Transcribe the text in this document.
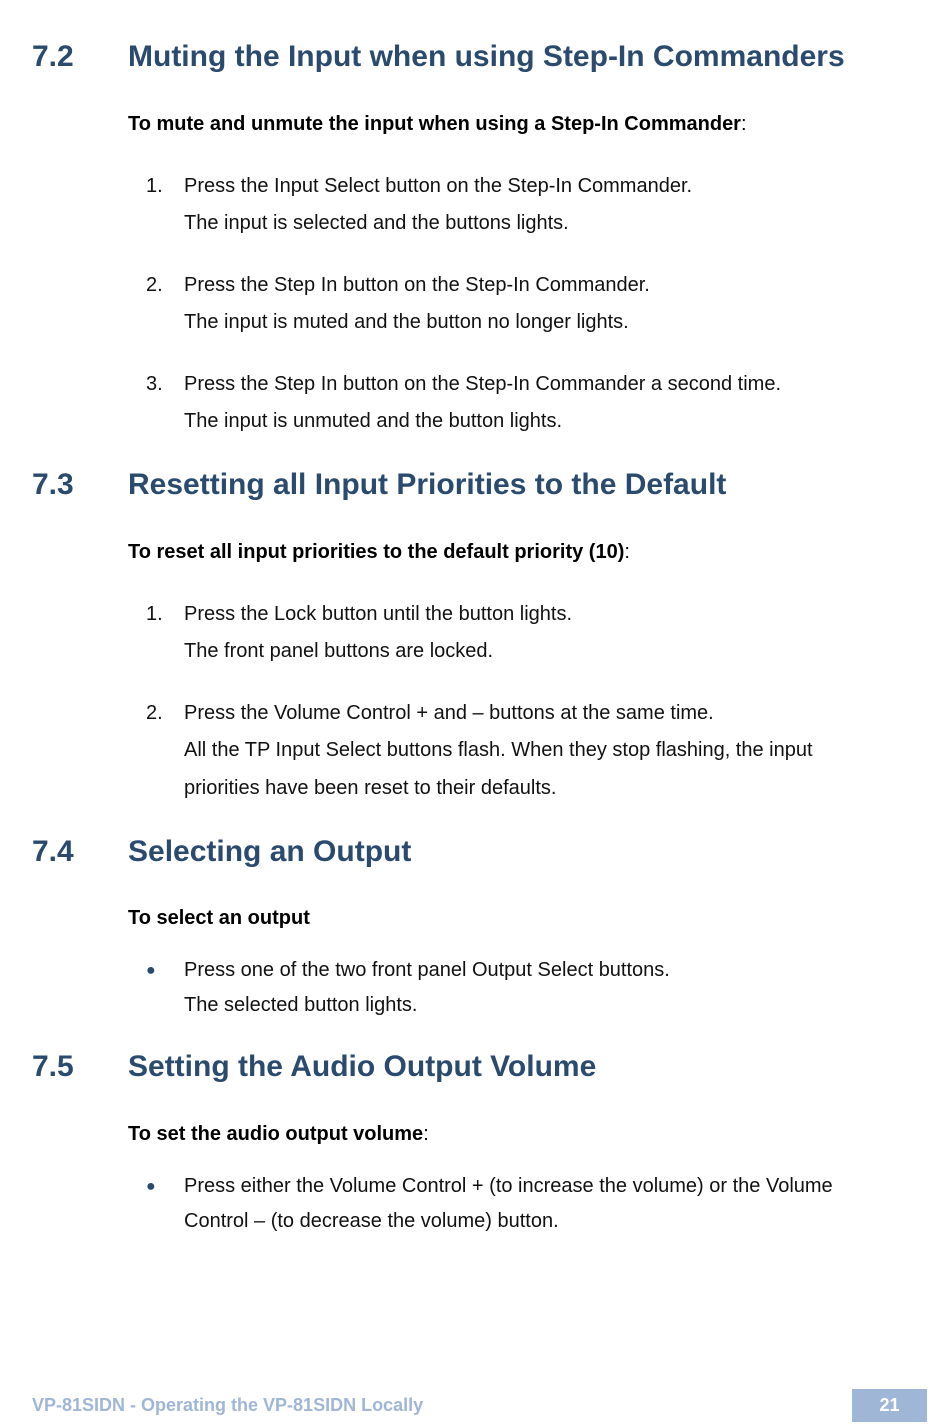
7.2 Muting the Input when using Step-In Commanders
To mute and unmute the input when using a Step-In Commander:
1. Press the Input Select button on the Step-In Commander.
The input is selected and the buttons lights.
2. Press the Step In button on the Step-In Commander.
The input is muted and the button no longer lights.
3. Press the Step In button on the Step-In Commander a second time.
The input is unmuted and the button lights.
7.3 Resetting all Input Priorities to the Default
To reset all input priorities to the default priority (10):
1. Press the Lock button until the button lights.
The front panel buttons are locked.
2. Press the Volume Control + and – buttons at the same time.
All the TP Input Select buttons flash. When they stop flashing, the input
priorities have been reset to their defaults.
7.4 Selecting an Output
To select an output
● Press one of the two front panel Output Select buttons.
The selected button lights.
7.5 Setting the Audio Output Volume
To set the audio output volume:
● Press either the Volume Control + (to increase the volume) or the Volume
Control – (to decrease the volume) button.
VP-81SIDN - Operating the VP-81SIDN Locally	21
